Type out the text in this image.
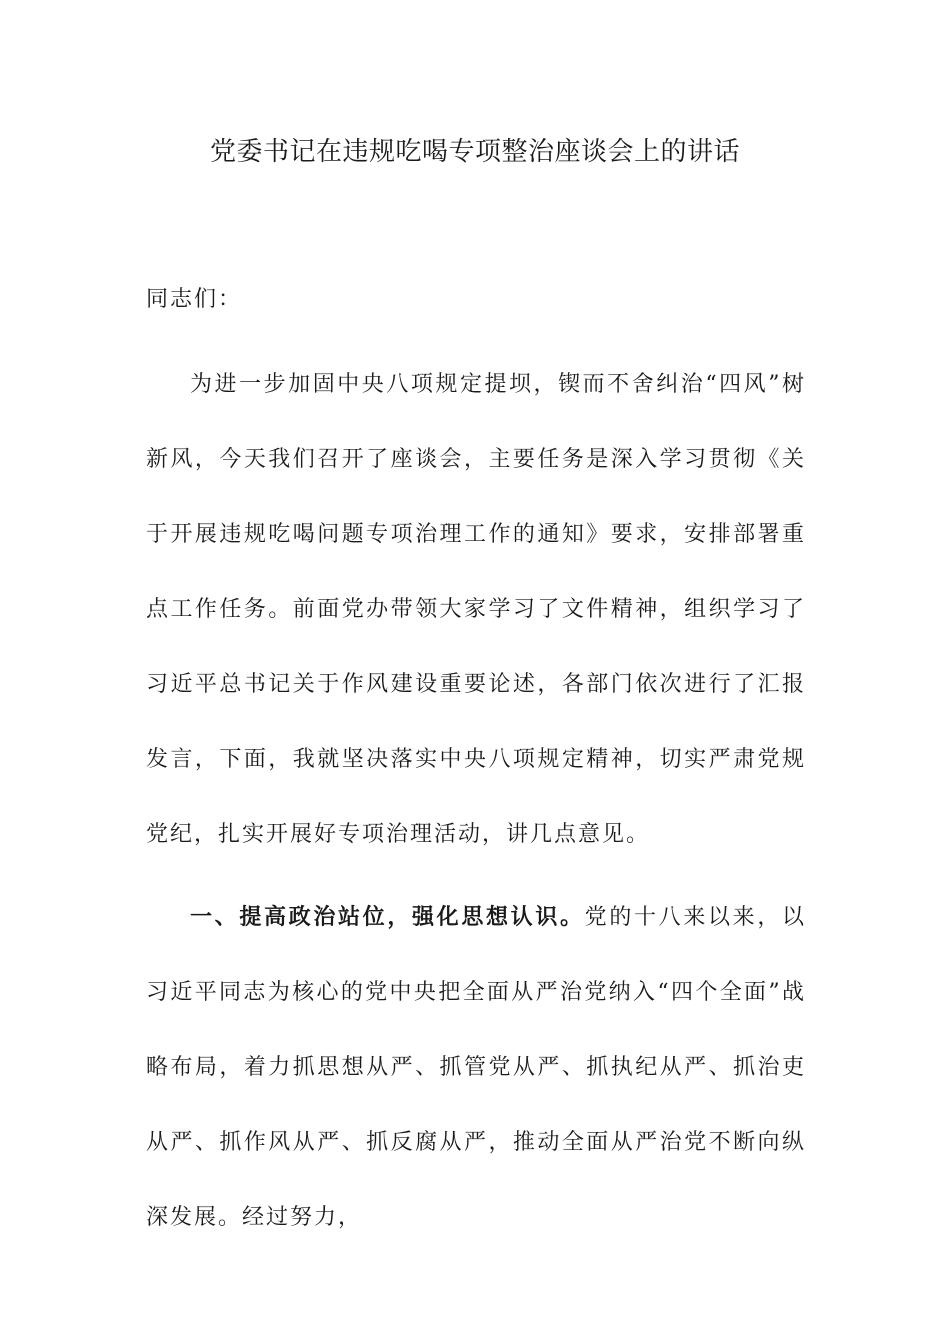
党委书记在违规吃喝专项整治座谈会上的讲话

同志们：

为进一步加固中央八项规定提坝，锲而不舍纠治“四风”树新风，今天我们召开了座谈会，主要任务是深入学习贯彻《关于开展违规吃喝问题专项治理工作的通知》要求，安排部署重点工作任务。前面党办带领大家学习了文件精神，组织学习了习近平总书记关于作风建设重要论述，各部门依次进行了汇报发言，下面，我就坚决落实中央八项规定精神，切实严肃党规党纪，扎实开展好专项治理活动，讲几点意见。

一、提高政治站位，强化思想认识。党的十八来以来，以习近平同志为核心的党中央把全面从严治党纳入“四个全面”战略布局，着力抓思想从严、抓管党从严、抓执纪从严、抓治吏从严、抓作风从严、抓反腐从严，推动全面从严治党不断向纵深发展。经过努力，
